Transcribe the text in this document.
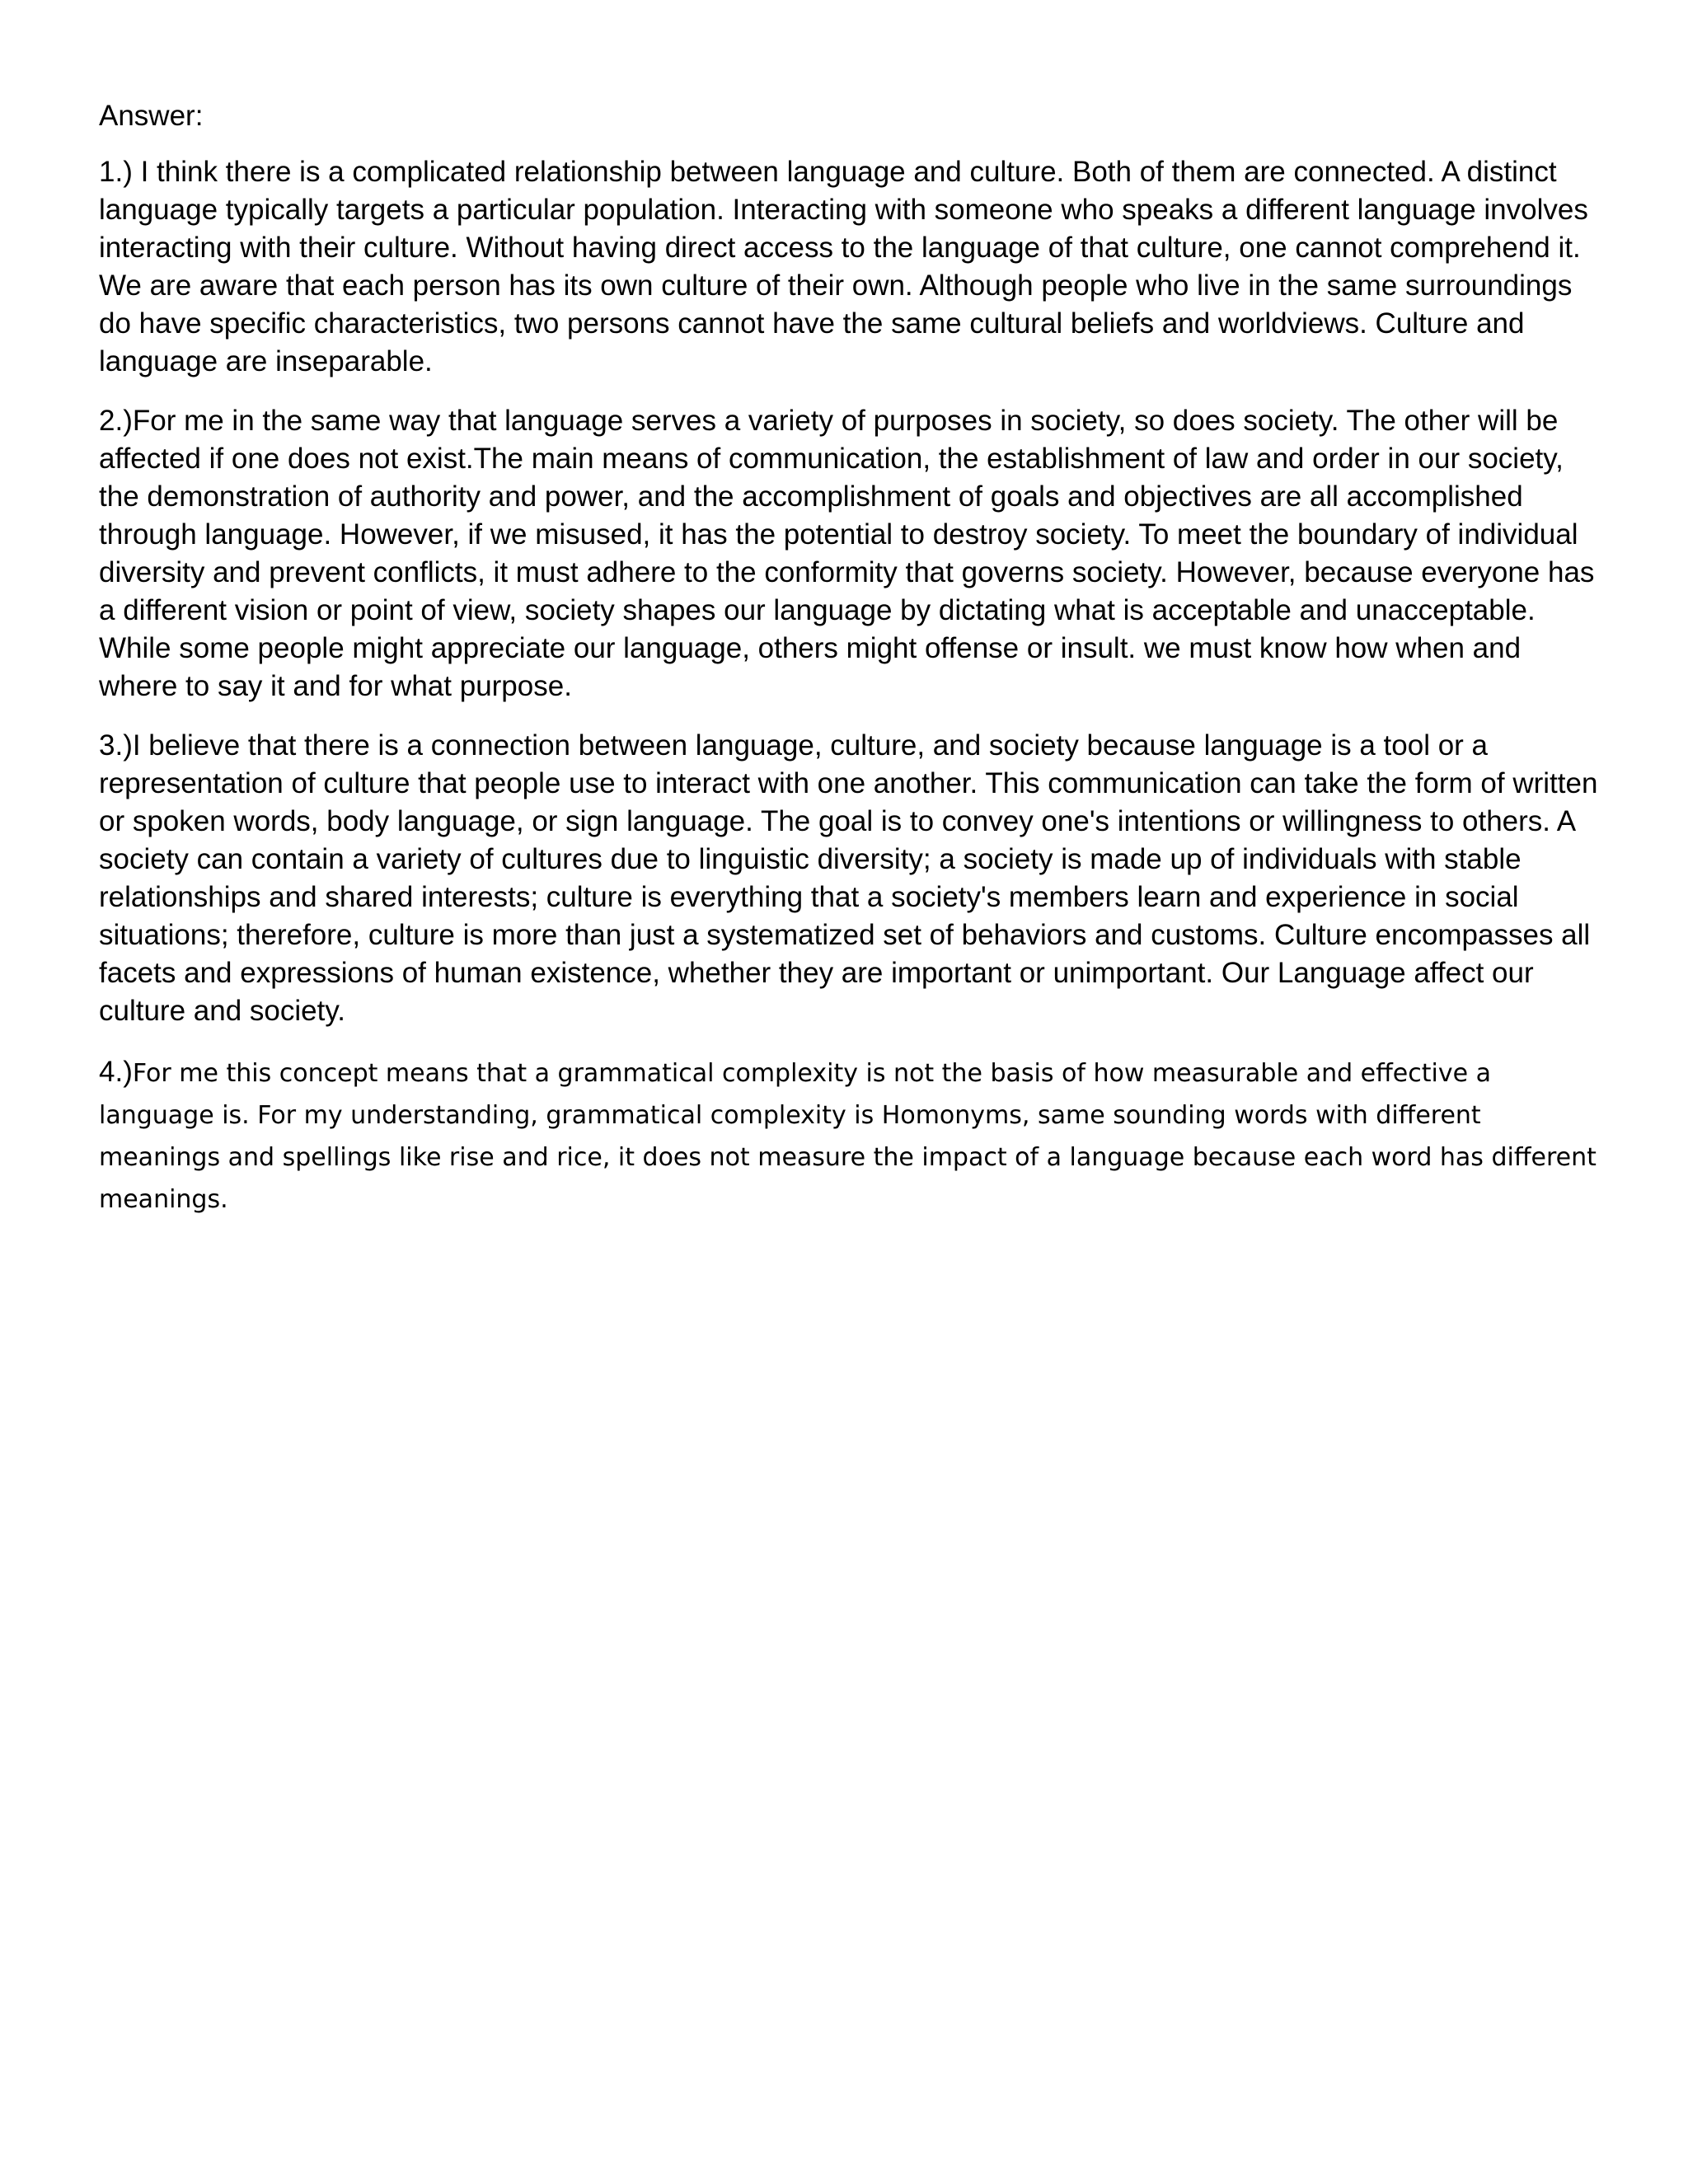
Answer:

1.) I think there is a complicated relationship between language and culture. Both of them are connected. A distinct language typically targets a particular population. Interacting with someone who speaks a different language involves interacting with their culture. Without having direct access to the language of that culture, one cannot comprehend it. We are aware that each person has its own culture of their own. Although people who live in the same surroundings do have specific characteristics, two persons cannot have the same cultural beliefs and worldviews. Culture and language are inseparable.

2.)For me in the same way that language serves a variety of purposes in society, so does society. The other will be affected if one does not exist.The main means of communication, the establishment of law and order in our society, the demonstration of authority and power, and the accomplishment of goals and objectives are all accomplished through language. However, if we misused, it has the potential to destroy society. To meet the boundary of individual diversity and prevent conflicts, it must adhere to the conformity that governs society. However, because everyone has a different vision or point of view, society shapes our language by dictating what is acceptable and unacceptable. While some people might appreciate our language, others might offense or insult. we must know how when and where to say it and for what purpose.

3.)I believe that there is a connection between language, culture, and society because language is a tool or a representation of culture that people use to interact with one another. This communication can take the form of written or spoken words, body language, or sign language. The goal is to convey one's intentions or willingness to others. A society can contain a variety of cultures due to linguistic diversity; a society is made up of individuals with stable relationships and shared interests; culture is everything that a society's members learn and experience in social situations; therefore, culture is more than just a systematized set of behaviors and customs. Culture encompasses all facets and expressions of human existence, whether they are important or unimportant. Our Language affect our culture and society.

4.)For me this concept means that a grammatical complexity is not the basis of how measurable and effective a language is. For my understanding, grammatical complexity is Homonyms, same sounding words with different meanings and spellings like rise and rice, it does not measure the impact of a language because each word has different meanings.
